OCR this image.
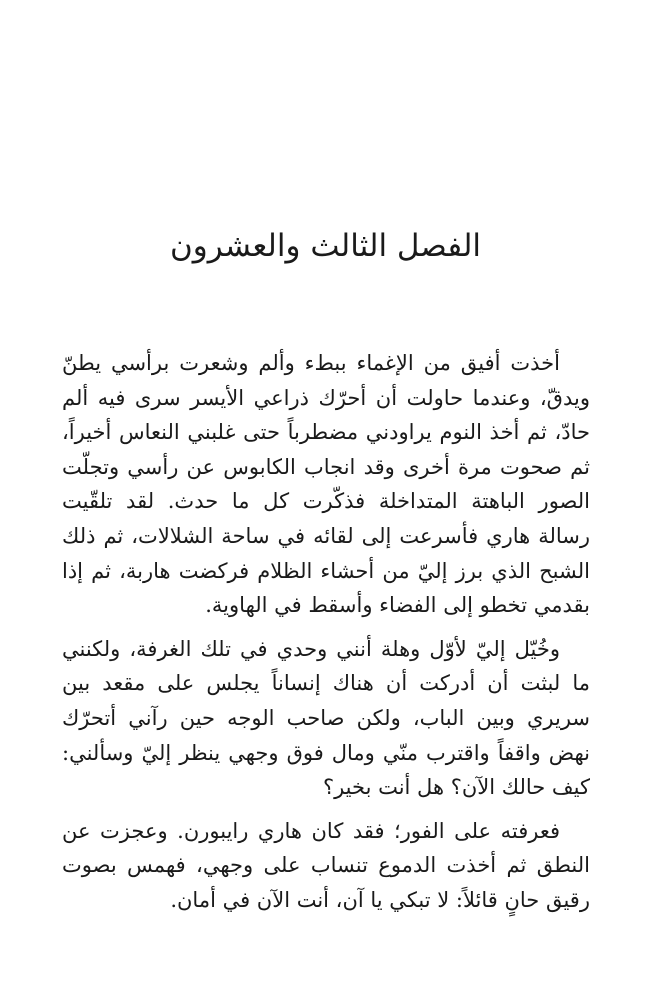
الفصل الثالث والعشرون

أخذت أفيق من الإغماء ببطء وألم وشعرت برأسي يطنّ ويدقّ، وعندما حاولت أن أحرّك ذراعي الأيسر سرى فيه ألم حادّ، ثم أخذ النوم يراودني مضطرباً حتى غلبني النعاس أخيراً، ثم صحوت مرة أخرى وقد انجاب الكابوس عن رأسي وتجلّت الصور الباهتة المتداخلة فذكّرت كل ما حدث. لقد تلقّيت رسالة هاري فأسرعت إلى لقائه في ساحة الشلالات، ثم ذلك الشبح الذي برز إليّ من أحشاء الظلام فركضت هاربة، ثم إذا بقدمي تخطو إلى الفضاء وأسقط في الهاوية.

وخُيّل إليّ لأوّل وهلة أنني وحدي في تلك الغرفة، ولكنني ما لبثت أن أدركت أن هناك إنساناً يجلس على مقعد بين سريري وبين الباب، ولكن صاحب الوجه حين رآني أتحرّك نهض واقفاً واقترب منّي ومال فوق وجهي ينظر إليّ وسألني: كيف حالك الآن؟ هل أنت بخير؟

فعرفته على الفور؛ فقد كان هاري رايبورن. وعجزت عن النطق ثم أخذت الدموع تنساب على وجهي، فهمس بصوت رقيق حانٍ قائلاً: لا تبكي يا آن، أنت الآن في أمان.
